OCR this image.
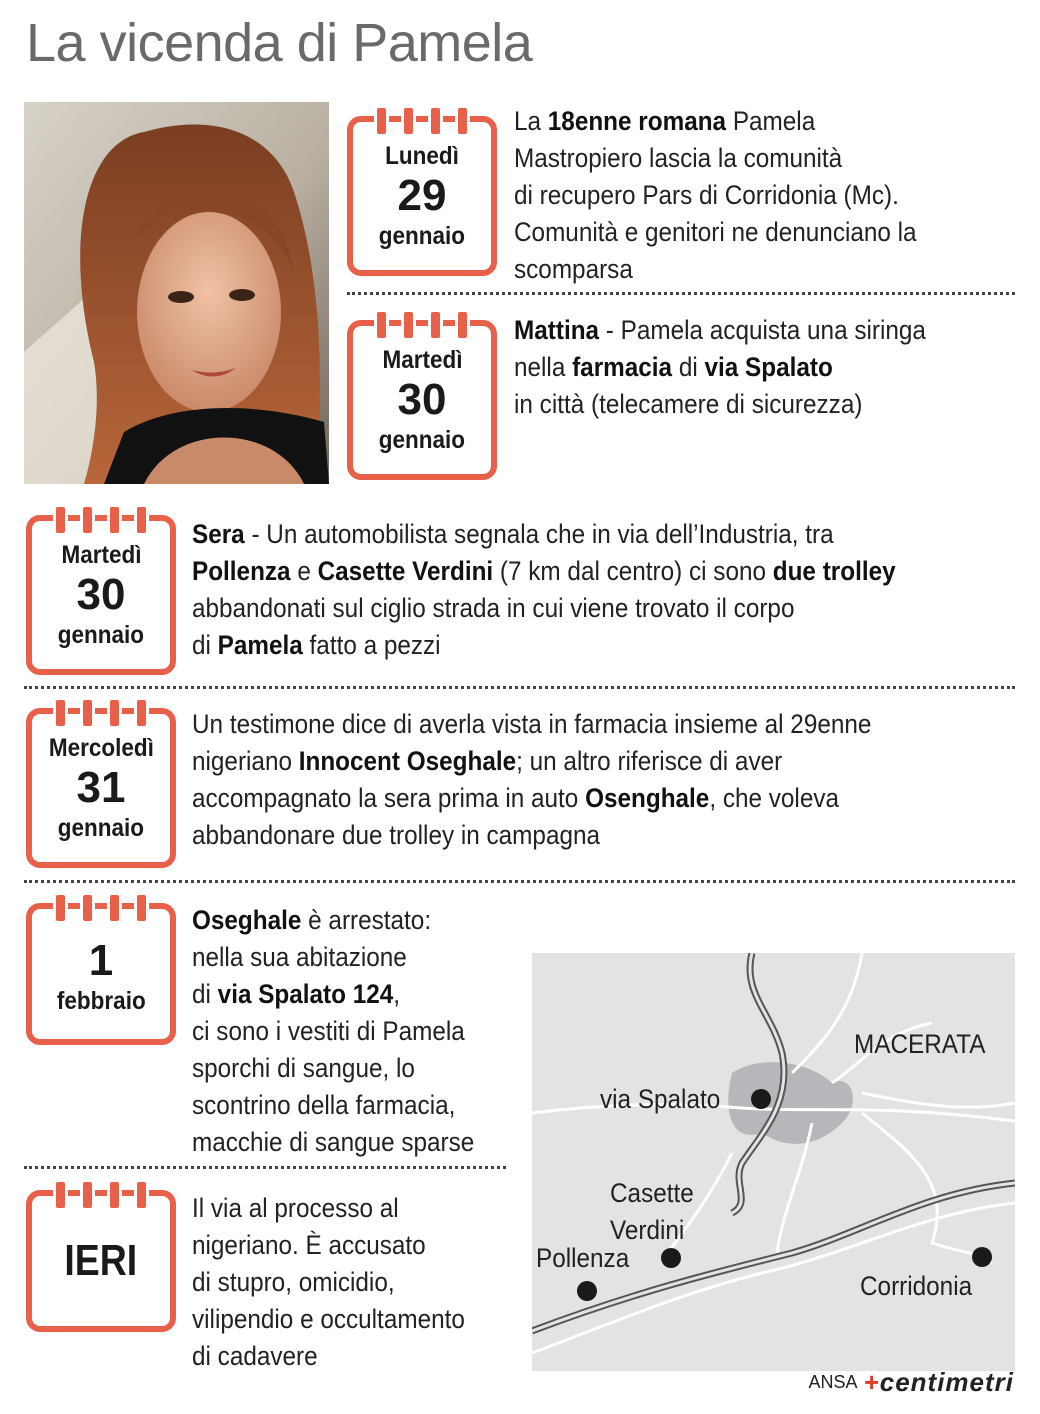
La vicenda di Pamela
Lunedì
29
gennaio
La 18enne romana Pamela
Mastropiero lascia la comunità
di recupero Pars di Corridonia (Mc).
Comunità e genitori ne denunciano la
scomparsa
Martedì
30
gennaio
Mattina - Pamela acquista una siringa
nella farmacia di via Spalato
in città (telecamere di sicurezza)
Martedì
30
gennaio
Sera - Un automobilista segnala che in via dell’Industria, tra
Pollenza e Casette Verdini (7 km dal centro) ci sono due trolley
abbandonati sul ciglio strada in cui viene trovato il corpo
di Pamela fatto a pezzi
Mercoledì
31
gennaio
Un testimone dice di averla vista in farmacia insieme al 29enne
nigeriano Innocent Oseghale; un altro riferisce di aver
accompagnato la sera prima in auto Osenghale, che voleva
abbandonare due trolley in campagna
1
febbraio
Oseghale è arrestato:
nella sua abitazione
di via Spalato 124,
ci sono i vestiti di Pamela
sporchi di sangue, lo
scontrino della farmacia,
macchie di sangue sparse
IERI
Il via al processo al
nigeriano. È accusato
di stupro, omicidio,
vilipendio e occultamento
di cadavere
MACERATA
via Spalato
Casette
Verdini
Pollenza
Corridonia
ANSA +centimetri
